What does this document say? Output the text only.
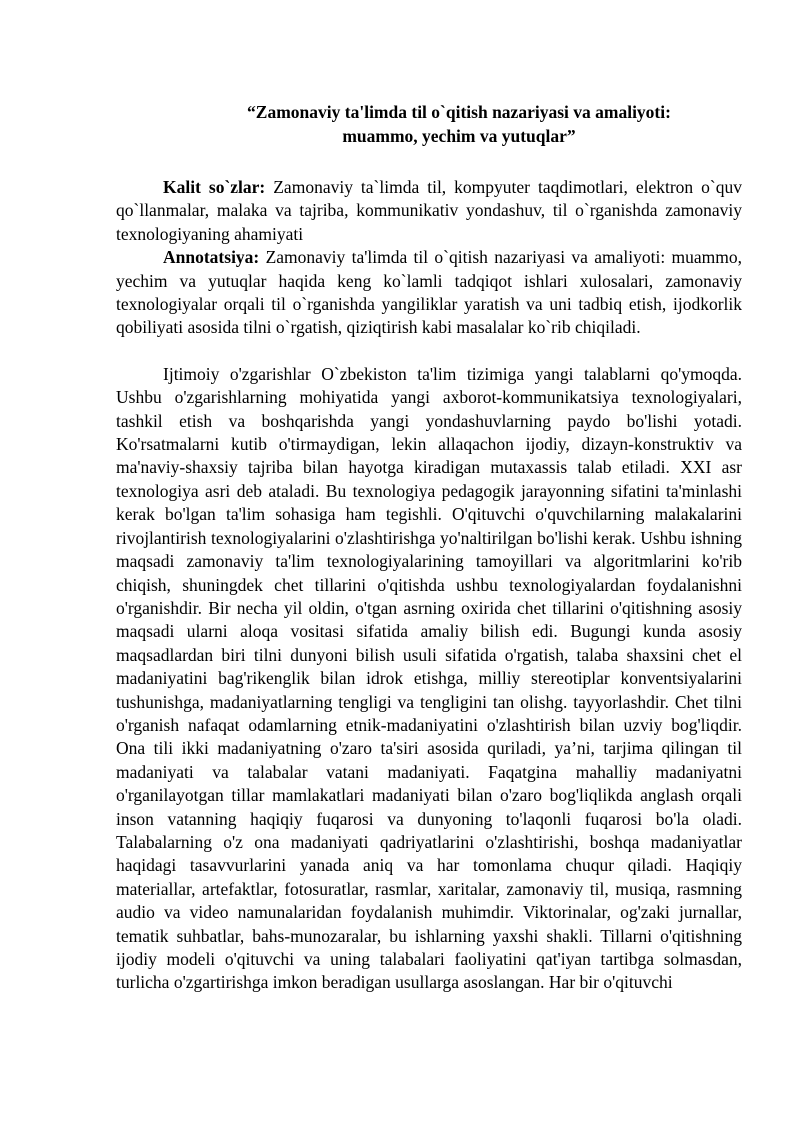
“Zamonaviy ta'limda til o`qitish nazariyasi va amaliyoti:
muammo, yechim va yutuqlar”

Kalit so`zlar: Zamonaviy ta`limda til, kompyuter taqdimotlari, elektron o`quv qo`llanmalar, malaka va tajriba, kommunikativ yondashuv, til o`rganishda zamonaviy texnologiyaning ahamiyati

Annotatsiya: Zamonaviy ta'limda til o`qitish nazariyasi va amaliyoti: muammo, yechim va yutuqlar haqida keng ko`lamli tadqiqot ishlari xulosalari, zamonaviy texnologiyalar orqali til o`rganishda yangiliklar yaratish va uni tadbiq etish, ijodkorlik qobiliyati asosida tilni o`rgatish, qiziqtirish kabi masalalar ko`rib chiqiladi.

Ijtimoiy o'zgarishlar O`zbekiston ta'lim tizimiga yangi talablarni qo'ymoqda. Ushbu o'zgarishlarning mohiyatida yangi axborot-kommunikatsiya texnologiyalari, tashkil etish va boshqarishda yangi yondashuvlarning paydo bo'lishi yotadi. Ko'rsatmalarni kutib o'tirmaydigan, lekin allaqachon ijodiy, dizayn-konstruktiv va ma'naviy-shaxsiy tajriba bilan hayotga kiradigan mutaxassis talab etiladi. XXI asr texnologiya asri deb ataladi. Bu texnologiya pedagogik jarayonning sifatini ta'minlashi kerak bo'lgan ta'lim sohasiga ham tegishli. O'qituvchi o'quvchilarning malakalarini rivojlantirish texnologiyalarini o'zlashtirishga yo'naltirilgan bo'lishi kerak. Ushbu ishning maqsadi zamonaviy ta'lim texnologiyalarining tamoyillari va algoritmlarini ko'rib chiqish, shuningdek chet tillarini o'qitishda ushbu texnologiyalardan foydalanishni o'rganishdir. Bir necha yil oldin, o'tgan asrning oxirida chet tillarini o'qitishning asosiy maqsadi ularni aloqa vositasi sifatida amaliy bilish edi. Bugungi kunda asosiy maqsadlardan biri tilni dunyoni bilish usuli sifatida o'rgatish, talaba shaxsini chet el madaniyatini bag'rikenglik bilan idrok etishga, milliy stereotiplar konventsiyalarini tushunishga, madaniyatlarning tengligi va tengligini tan olishg. tayyorlashdir. Chet tilni o'rganish nafaqat odamlarning etnik-madaniyatini o'zlashtirish bilan uzviy bog'liqdir. Ona tili ikki madaniyatning o'zaro ta'siri asosida quriladi, ya’ni, tarjima qilingan til madaniyati va talabalar vatani madaniyati. Faqatgina mahalliy madaniyatni o'rganilayotgan tillar mamlakatlari madaniyati bilan o'zaro bog'liqlikda anglash orqali inson vatanning haqiqiy fuqarosi va dunyoning to'laqonli fuqarosi bo'la oladi. Talabalarning o'z ona madaniyati qadriyatlarini o'zlashtirishi, boshqa madaniyatlar haqidagi tasavvurlarini yanada aniq va har tomonlama chuqur qiladi. Haqiqiy materiallar, artefaktlar, fotosuratlar, rasmlar, xaritalar, zamonaviy til, musiqa, rasmning audio va video namunalaridan foydalanish muhimdir. Viktorinalar, og'zaki jurnallar, tematik suhbatlar, bahs-munozaralar, bu ishlarning yaxshi shakli. Tillarni o'qitishning ijodiy modeli o'qituvchi va uning talabalari faoliyatini qat'iyan tartibga solmasdan, turlicha o'zgartirishga imkon beradigan usullarga asoslangan. Har bir o'qituvchi
